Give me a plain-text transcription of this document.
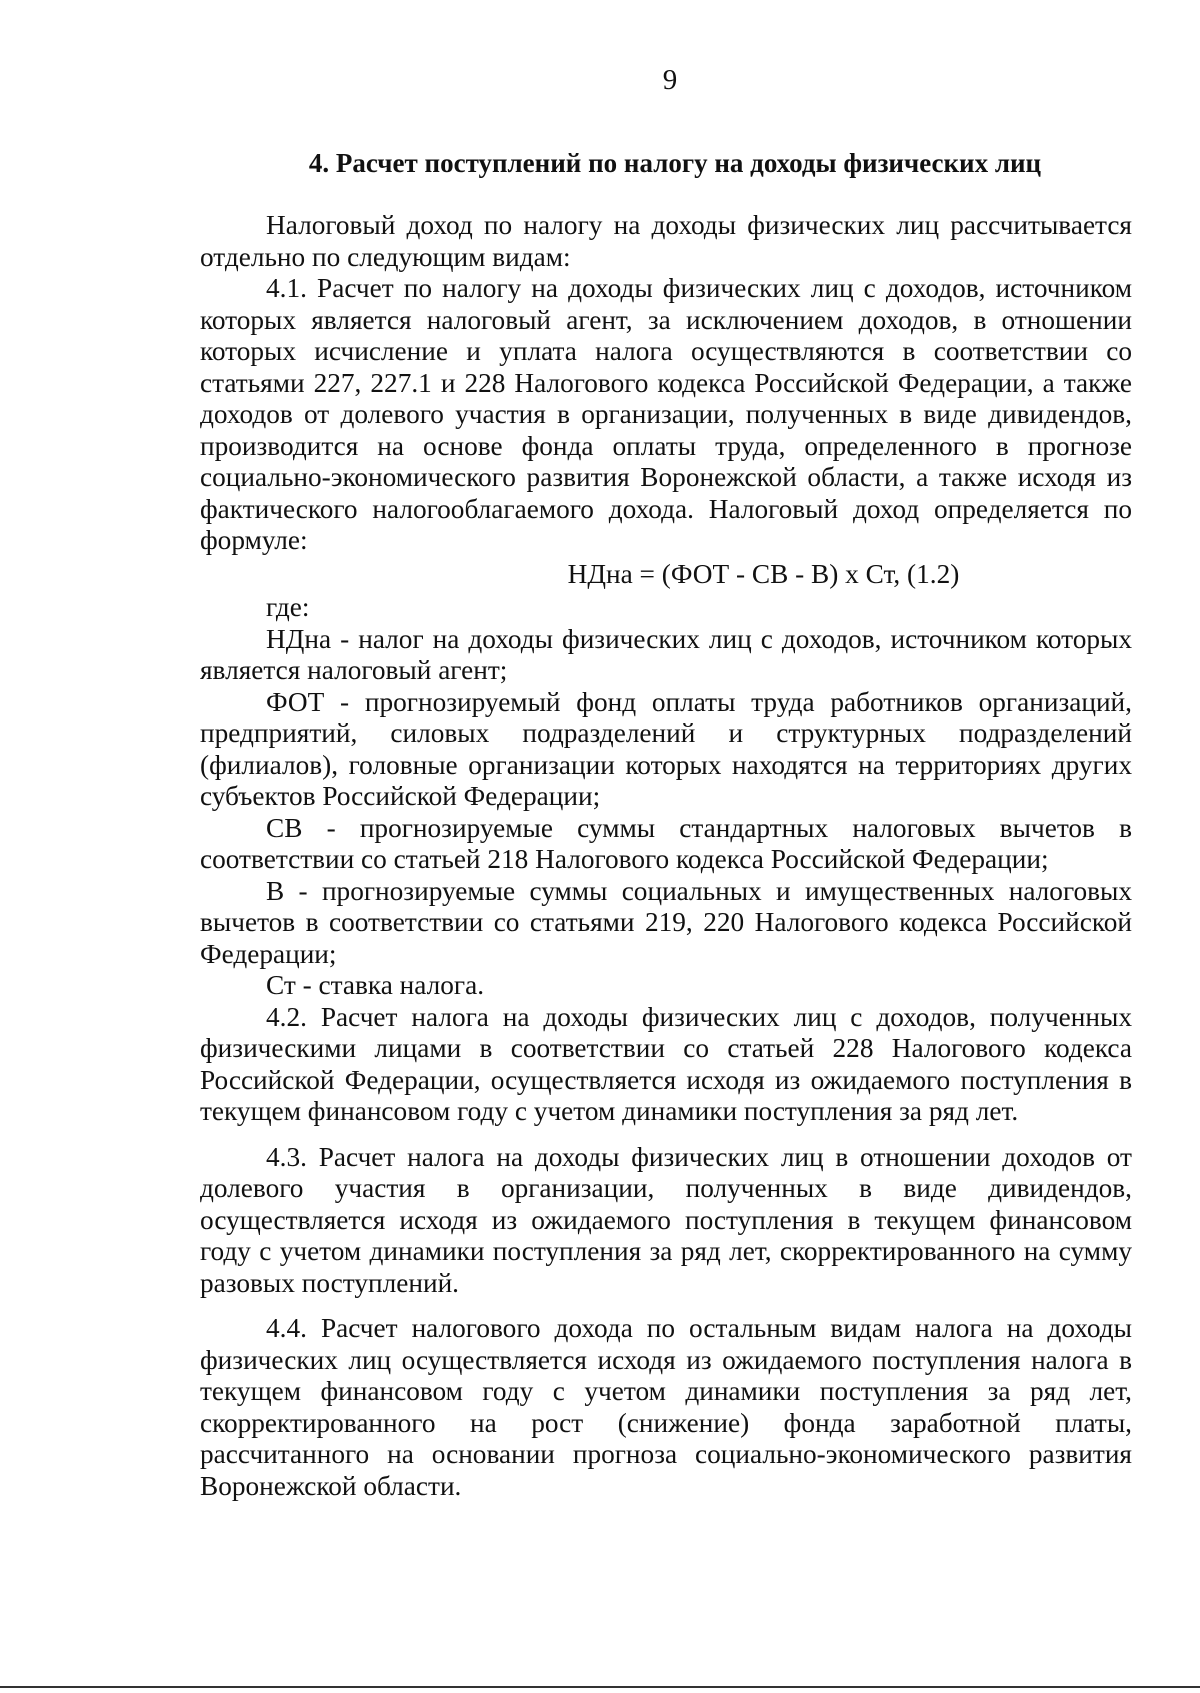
9
4. Расчет поступлений по налогу на доходы физических лиц

Налоговый доход по налогу на доходы физических лиц рассчитывается отдельно по следующим видам:

4.1. Расчет по налогу на доходы физических лиц с доходов, источником которых является налоговый агент, за исключением доходов, в отношении которых исчисление и уплата налога осуществляются в соответствии со статьями 227, 227.1 и 228 Налогового кодекса Российской Федерации, а также доходов от долевого участия в организации, полученных в виде дивидендов, производится на основе фонда оплаты труда, определенного в прогнозе социально-экономического развития Воронежской области, а также исходя из фактического налогооблагаемого дохода. Налоговый доход определяется по формуле:

НДна = (ФОТ - СВ - В) х Ст, (1.2)

где:

НДна - налог на доходы физических лиц с доходов, источником которых является налоговый агент;

ФОТ - прогнозируемый фонд оплаты труда работников организаций, предприятий, силовых подразделений и структурных подразделений (филиалов), головные организации которых находятся на территориях других субъектов Российской Федерации;

СВ - прогнозируемые суммы стандартных налоговых вычетов в соответствии со статьей 218 Налогового кодекса Российской Федерации;

В - прогнозируемые суммы социальных и имущественных налоговых вычетов в соответствии со статьями 219, 220 Налогового кодекса Российской Федерации;

Ст - ставка налога.

4.2. Расчет налога на доходы физических лиц с доходов, полученных физическими лицами в соответствии со статьей 228 Налогового кодекса Российской Федерации, осуществляется исходя из ожидаемого поступления в текущем финансовом году с учетом динамики поступления за ряд лет.

4.3. Расчет налога на доходы физических лиц в отношении доходов от долевого участия в организации, полученных в виде дивидендов, осуществляется исходя из ожидаемого поступления в текущем финансовом году с учетом динамики поступления за ряд лет, скорректированного на сумму разовых поступлений.

4.4. Расчет налогового дохода по остальным видам налога на доходы физических лиц осуществляется исходя из ожидаемого поступления налога в текущем финансовом году с учетом динамики поступления за ряд лет, скорректированного на рост (снижение) фонда заработной платы, рассчитанного на основании прогноза социально-экономического развития Воронежской области.
